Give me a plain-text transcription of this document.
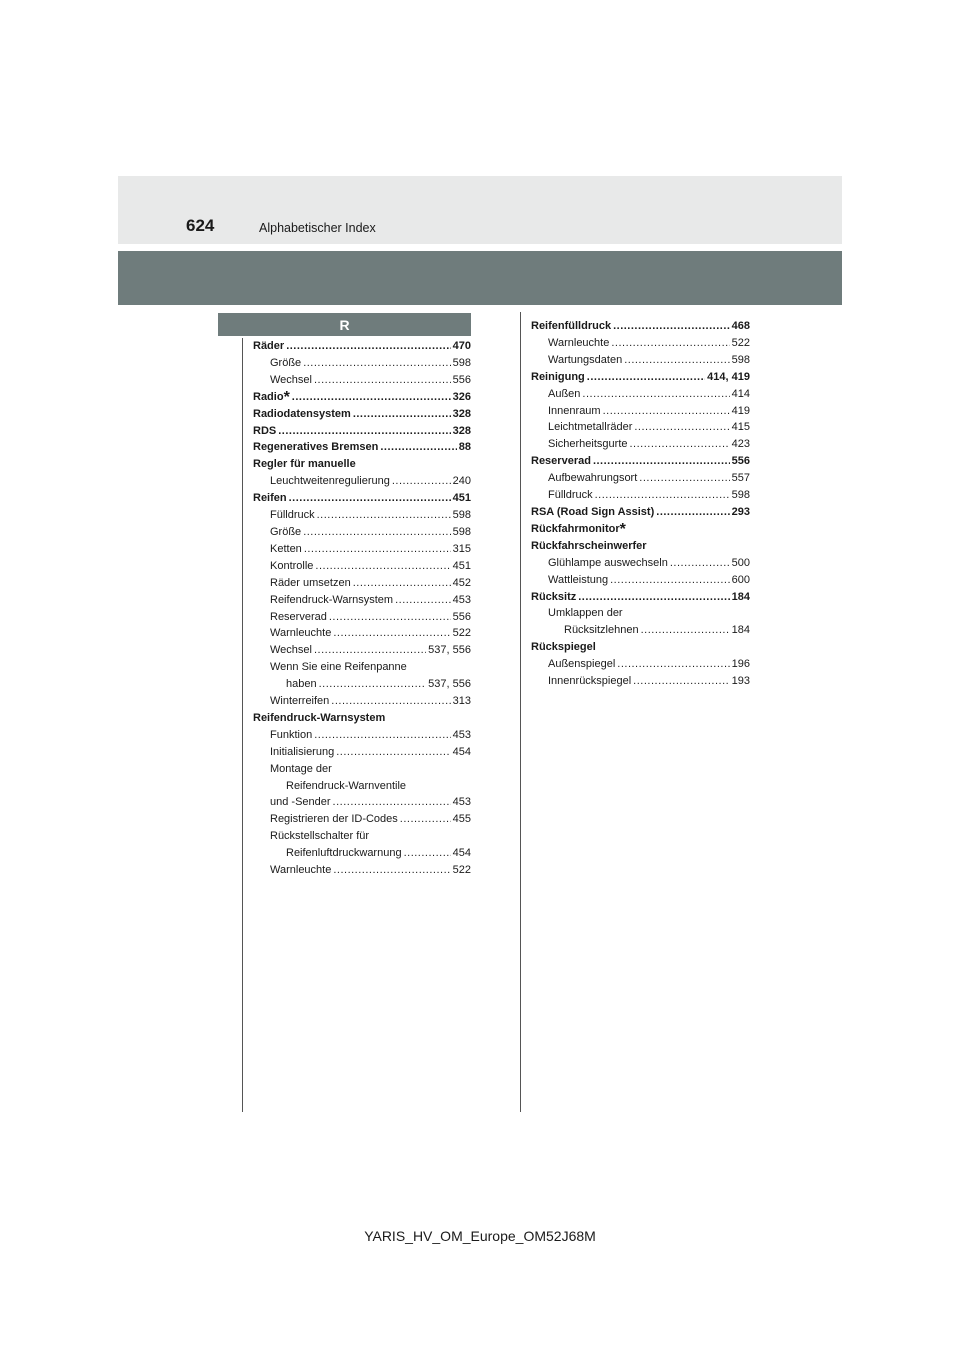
624	Alphabetischer Index
R
Räder .....	470
Größe .....	598
Wechsel .....	556
Radio* .....	326
Radiodatensystem .....	328
RDS .....	328
Regeneratives Bremsen .....	88
Regler für manuelle
Leuchtweitenregulierung .....	240
Reifen .....	451
Fülldruck .....	598
Größe .....	598
Ketten .....	315
Kontrolle .....	451
Räder umsetzen .....	452
Reifendruck-Warnsystem .....	453
Reserverad .....	556
Warnleuchte .....	522
Wechsel .....	537, 556
Wenn Sie eine Reifenpanne
haben .....	537, 556
Winterreifen .....	313
Reifendruck-Warnsystem
Funktion .....	453
Initialisierung .....	454
Montage der
Reifendruck-Warnventile
und -Sender .....	453
Registrieren der ID-Codes .....	455
Rückstellschalter für
Reifenluftdruckwarnung .....	454
Warnleuchte .....	522
Reifenfülldruck .....	468
Warnleuchte .....	522
Wartungsdaten .....	598
Reinigung .....	414, 419
Außen .....	414
Innenraum .....	419
Leichtmetallräder .....	415
Sicherheitsgurte .....	423
Reserverad .....	556
Aufbewahrungsort .....	557
Fülldruck .....	598
RSA (Road Sign Assist) .....	293
Rückfahrmonitor*
Rückfahrscheinwerfer
Glühlampe auswechseln .....	500
Wattleistung .....	600
Rücksitz .....	184
Umklappen der
Rücksitzlehnen .....	184
Rückspiegel
Außenspiegel .....	196
Innenrückspiegel .....	193
YARIS_HV_OM_Europe_OM52J68M
